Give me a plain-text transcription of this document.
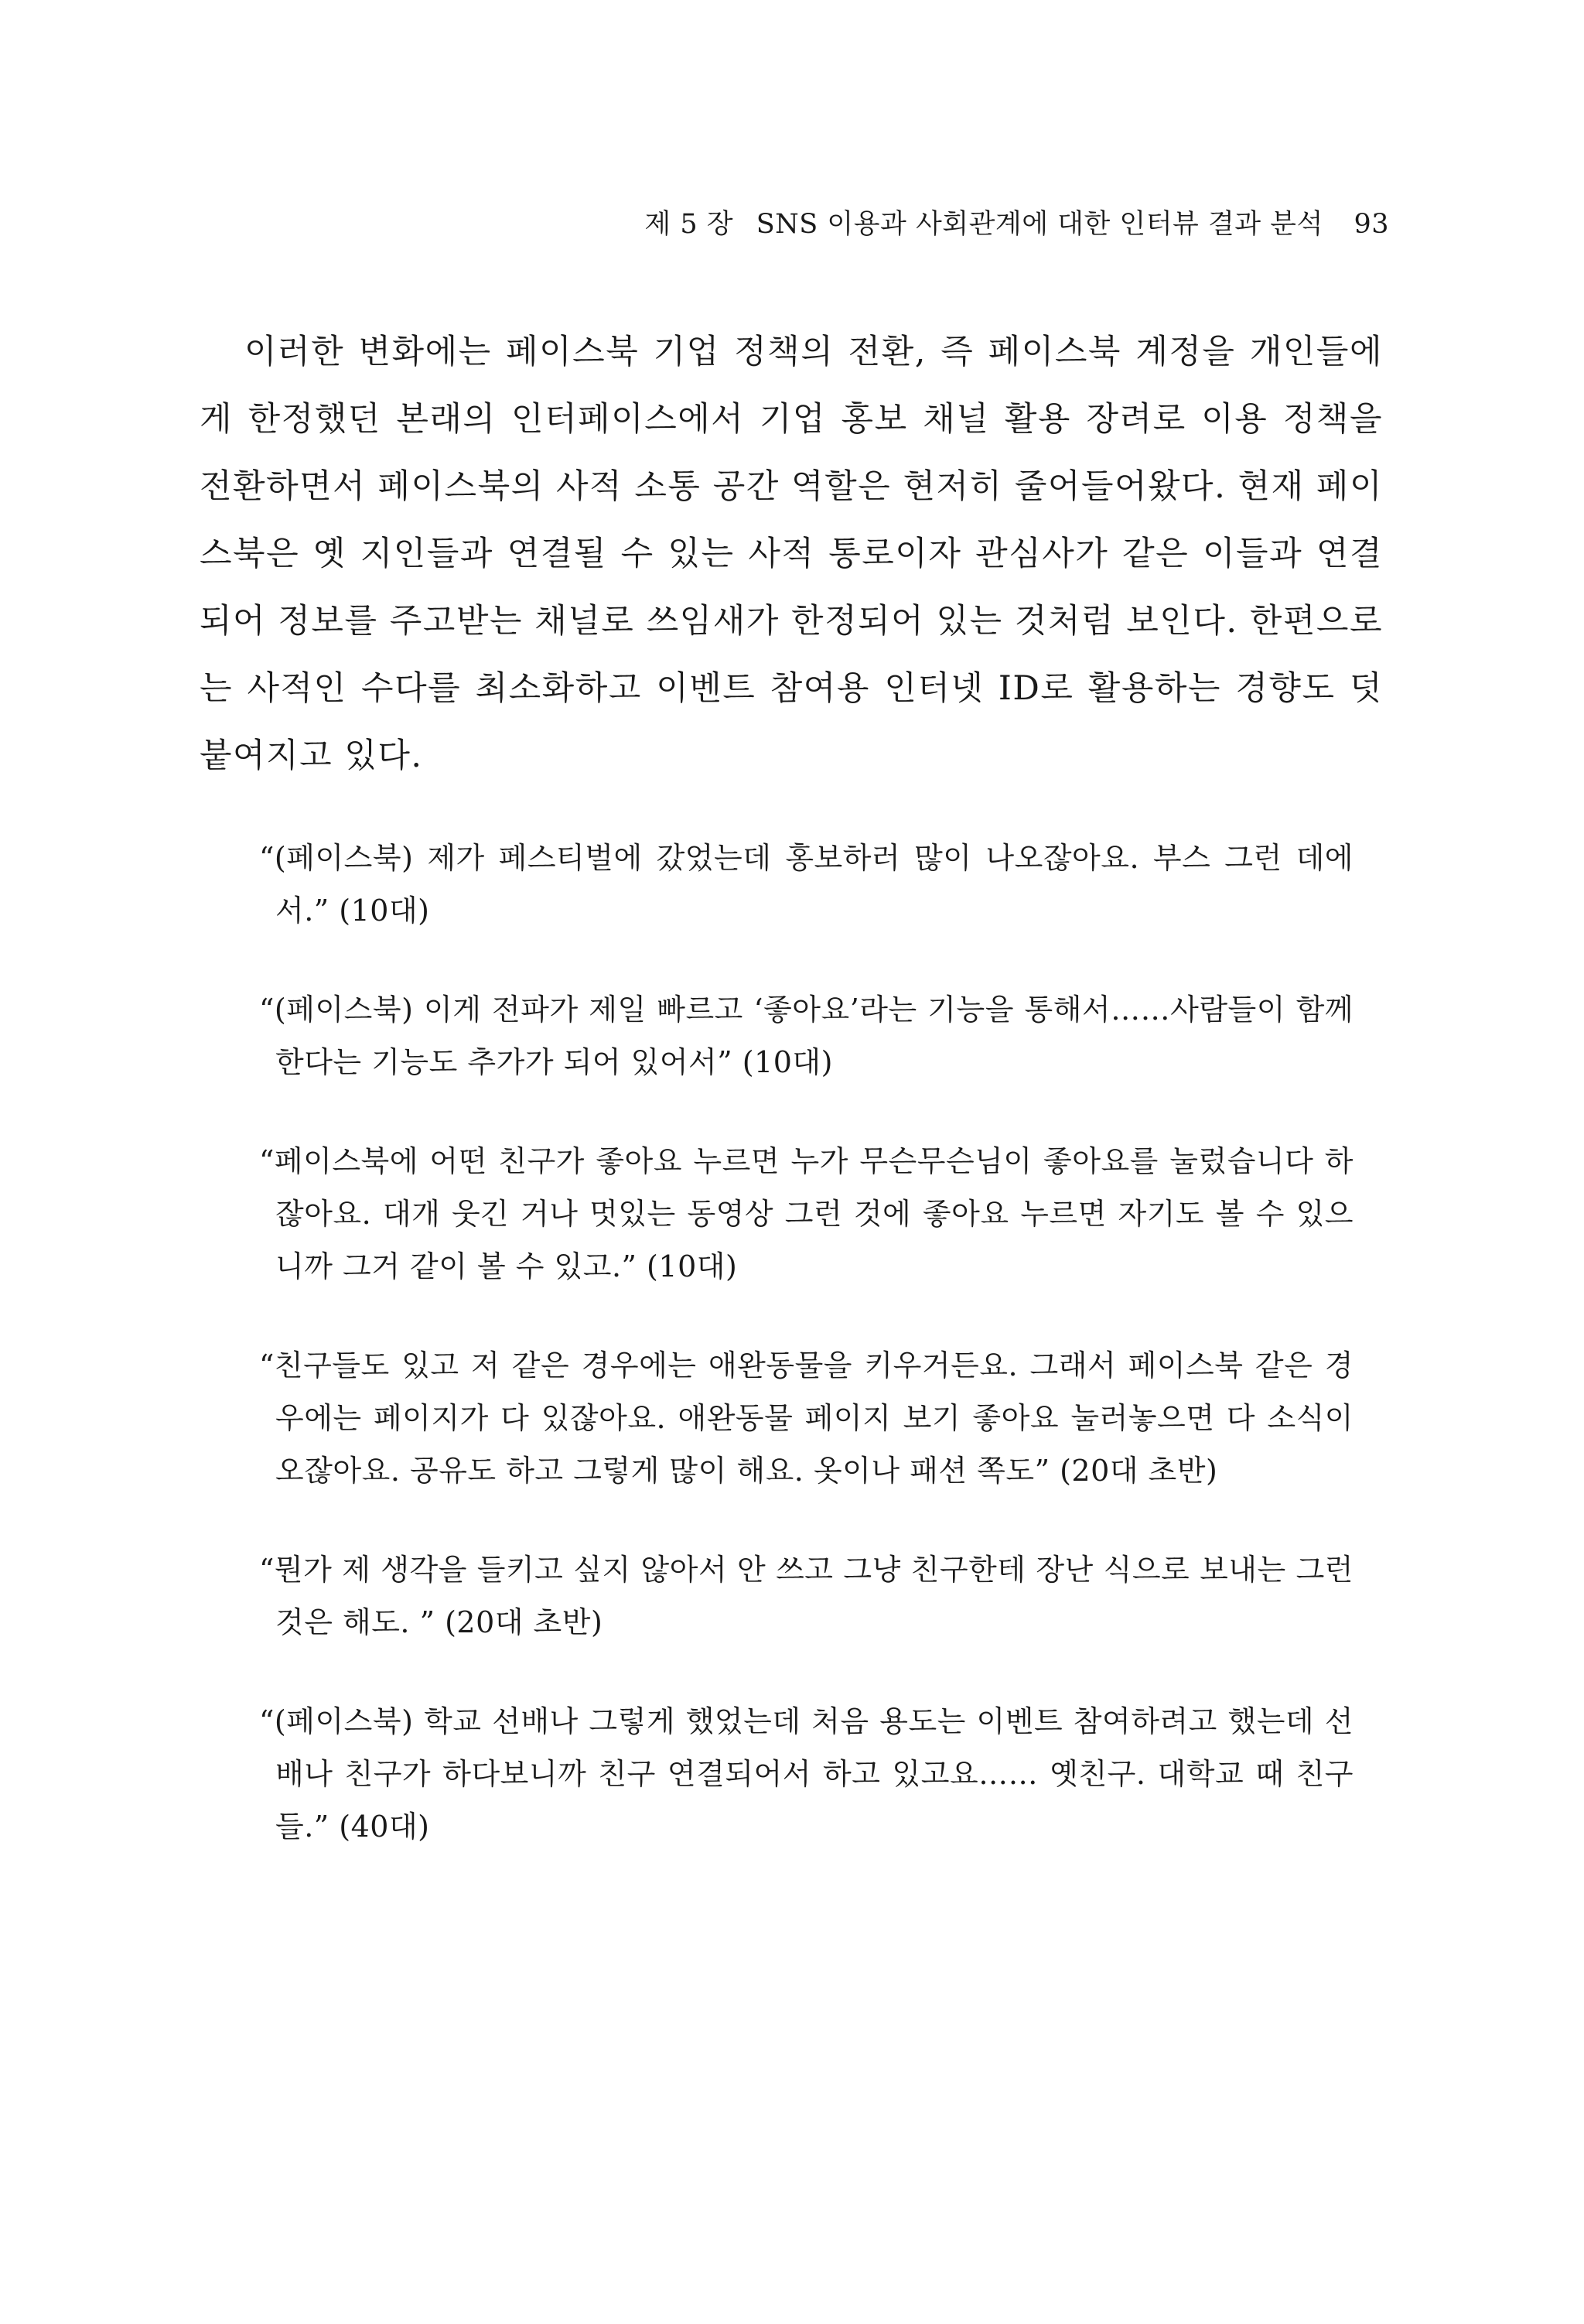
제 5 장 SNS 이용과 사회관계에 대한 인터뷰 결과 분석 93

이러한 변화에는 페이스북 기업 정책의 전환, 즉 페이스북 계정을 개인들에게 한정했던 본래의 인터페이스에서 기업 홍보 채널 활용 장려로 이용 정책을 전환하면서 페이스북의 사적 소통 공간 역할은 현저히 줄어들어왔다. 현재 페이스북은 옛 지인들과 연결될 수 있는 사적 통로이자 관심사가 같은 이들과 연결되어 정보를 주고받는 채널로 쓰임새가 한정되어 있는 것처럼 보인다. 한편으로는 사적인 수다를 최소화하고 이벤트 참여용 인터넷 ID로 활용하는 경향도 덧붙여지고 있다.

“(페이스북) 제가 페스티벌에 갔었는데 홍보하러 많이 나오잖아요. 부스 그런 데에서.” (10대)

“(페이스북) 이게 전파가 제일 빠르고 ‘좋아요’라는 기능을 통해서……사람들이 함께한다는 기능도 추가가 되어 있어서” (10대)

“페이스북에 어떤 친구가 좋아요 누르면 누가 무슨무슨님이 좋아요를 눌렀습니다 하잖아요. 대개 웃긴 거나 멋있는 동영상 그런 것에 좋아요 누르면 자기도 볼 수 있으니까 그거 같이 볼 수 있고.” (10대)

“친구들도 있고 저 같은 경우에는 애완동물을 키우거든요. 그래서 페이스북 같은 경우에는 페이지가 다 있잖아요. 애완동물 페이지 보기 좋아요 눌러놓으면 다 소식이 오잖아요. 공유도 하고 그렇게 많이 해요. 옷이나 패션 쪽도” (20대 초반)

“뭔가 제 생각을 들키고 싶지 않아서 안 쓰고 그냥 친구한테 장난 식으로 보내는 그런 것은 해도. ” (20대 초반)

“(페이스북) 학교 선배나 그렇게 했었는데 처음 용도는 이벤트 참여하려고 했는데 선배나 친구가 하다보니까 친구 연결되어서 하고 있고요…… 옛친구. 대학교 때 친구들.” (40대)
